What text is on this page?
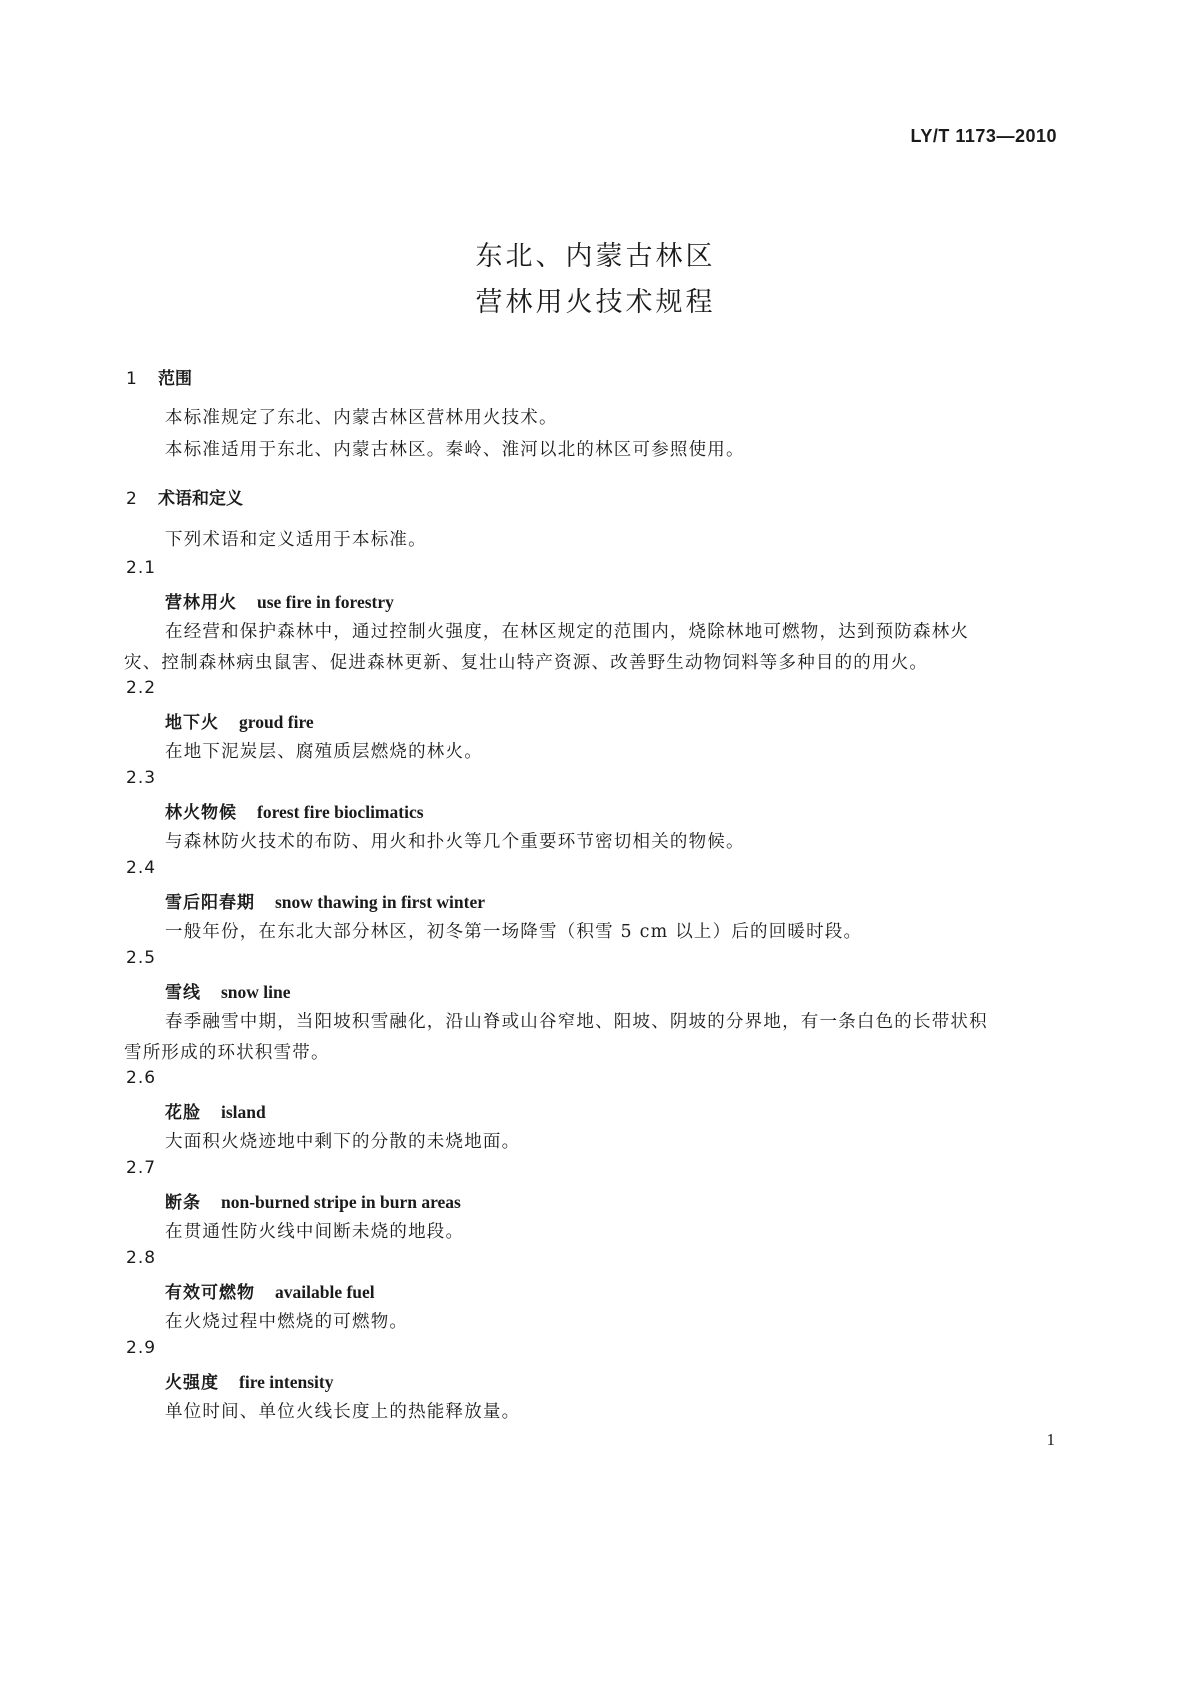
LY/T 1173—2010
东北、内蒙古林区
营林用火技术规程
1 范围
本标准规定了东北、内蒙古林区营林用火技术。
本标准适用于东北、内蒙古林区。秦岭、淮河以北的林区可参照使用。
2 术语和定义
下列术语和定义适用于本标准。
2.1
营林用火 use fire in forestry
在经营和保护森林中，通过控制火强度，在林区规定的范围内，烧除林地可燃物，达到预防森林火
灾、控制森林病虫鼠害、促进森林更新、复壮山特产资源、改善野生动物饲料等多种目的的用火。
2.2
地下火 groud fire
在地下泥炭层、腐殖质层燃烧的林火。
2.3
林火物候 forest fire bioclimatics
与森林防火技术的布防、用火和扑火等几个重要环节密切相关的物候。
2.4
雪后阳春期 snow thawing in first winter
一般年份，在东北大部分林区，初冬第一场降雪（积雪 5 cm 以上）后的回暖时段。
2.5
雪线 snow line
春季融雪中期，当阳坡积雪融化，沿山脊或山谷窄地、阳坡、阴坡的分界地，有一条白色的长带状积
雪所形成的环状积雪带。
2.6
花脸 island
大面积火烧迹地中剩下的分散的未烧地面。
2.7
断条 non-burned stripe in burn areas
在贯通性防火线中间断未烧的地段。
2.8
有效可燃物 available fuel
在火烧过程中燃烧的可燃物。
2.9
火强度 fire intensity
单位时间、单位火线长度上的热能释放量。
1
